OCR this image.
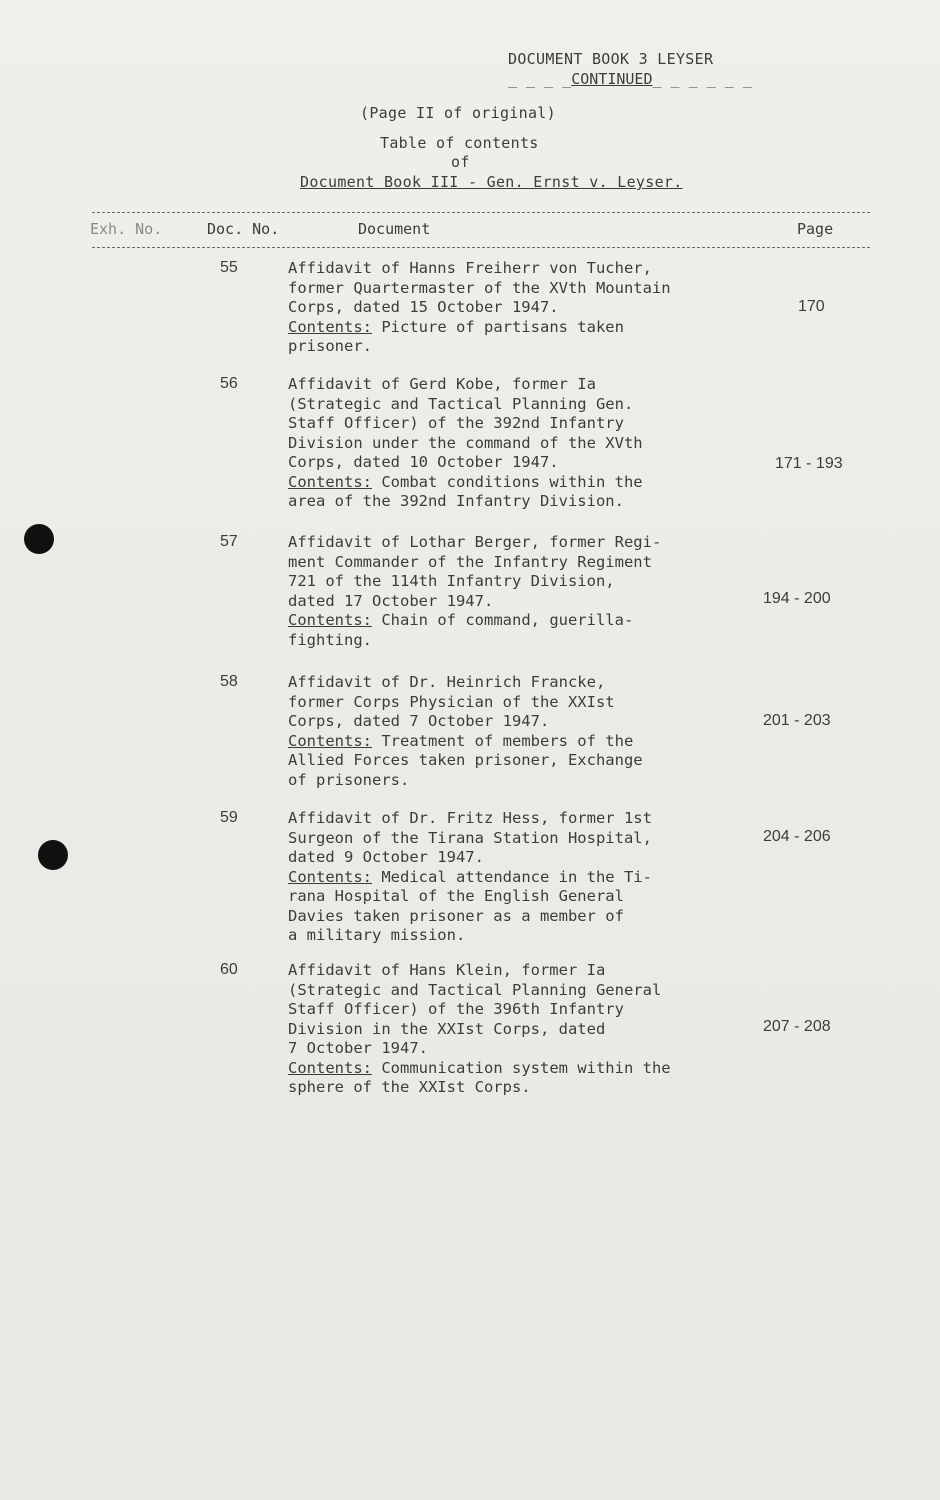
DOCUMENT BOOK 3 LEYSER
_ _ _ _CONTINUED_ _ _ _ _ _
(Page II of original)
Table of contents
of
Document Book III - Gen. Ernst v. Leyser.
Exh. No.	Doc. No.	Document	Page
55	Affidavit of Hanns Freiherr von Tucher,
former Quartermaster of the XVth Mountain
Corps, dated 15 October 1947.
Contents: Picture of partisans taken
prisoner.
170
56	Affidavit of Gerd Kobe, former Ia
(Strategic and Tactical Planning Gen.
Staff Officer) of the 392nd Infantry
Division under the command of the XVth
Corps, dated 10 October 1947.
Contents: Combat conditions within the
area of the 392nd Infantry Division.
171 - 193
57	Affidavit of Lothar Berger, former Regi-
ment Commander of the Infantry Regiment
721 of the 114th Infantry Division,
dated 17 October 1947.
Contents: Chain of command, guerilla-
fighting.
194 - 200
58	Affidavit of Dr. Heinrich Francke,
former Corps Physician of the XXIst
Corps, dated 7 October 1947.
Contents: Treatment of members of the
Allied Forces taken prisoner, Exchange
of prisoners.
201 - 203
59	Affidavit of Dr. Fritz Hess, former 1st
Surgeon of the Tirana Station Hospital,
dated 9 October 1947.
Contents: Medical attendance in the Ti-
rana Hospital of the English General
Davies taken prisoner as a member of
a military mission.
204 - 206
60	Affidavit of Hans Klein, former Ia
(Strategic and Tactical Planning General
Staff Officer) of the 396th Infantry
Division in the XXIst Corps, dated
7 October 1947.
Contents: Communication system within the
sphere of the XXIst Corps.
207 - 208
